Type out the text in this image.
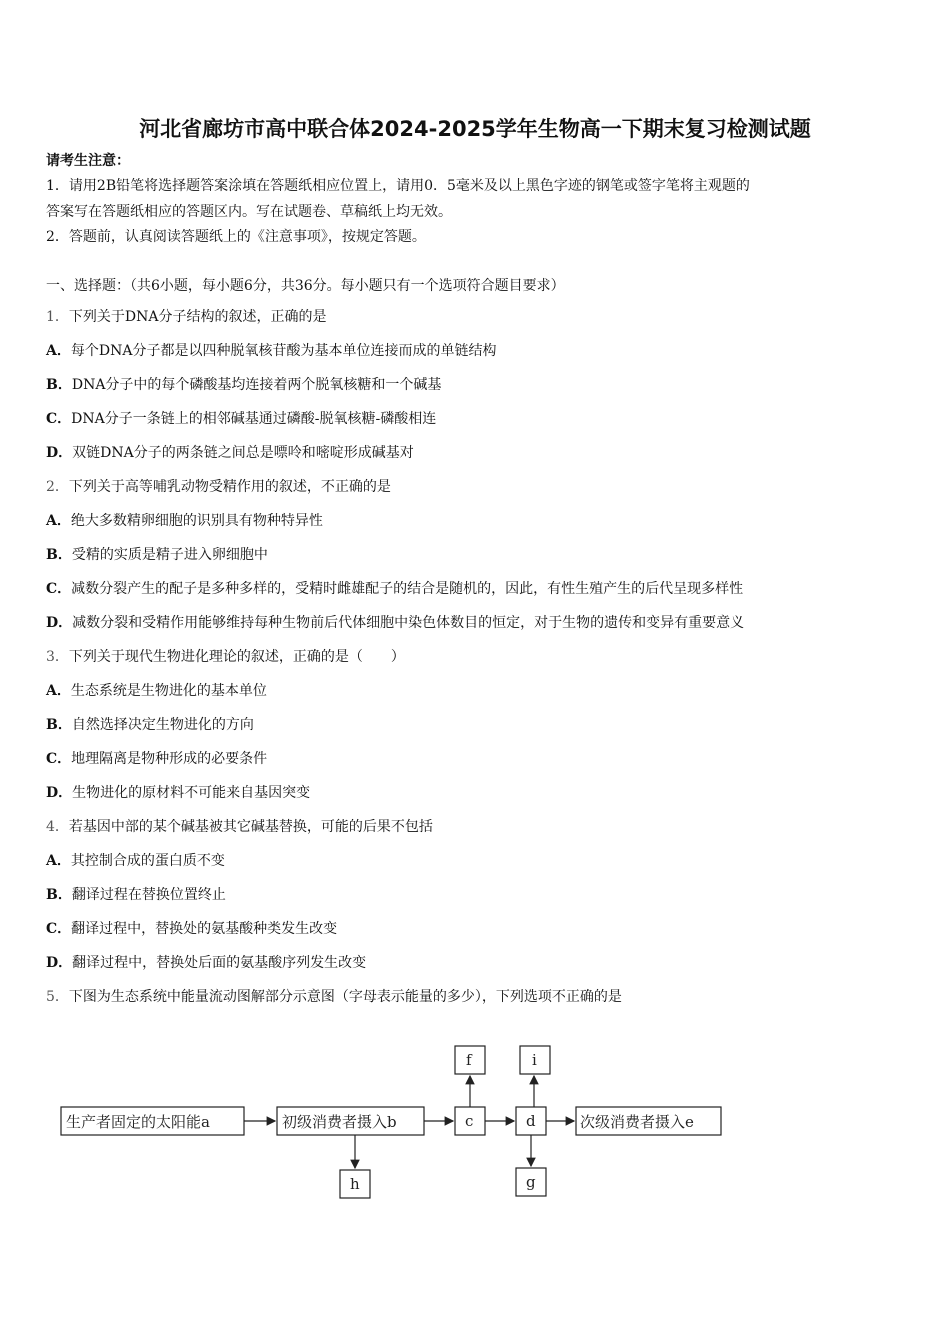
河北省廊坊市高中联合体2024-2025学年生物高一下期末复习检测试题
请考生注意：
1．请用2B铅笔将选择题答案涂填在答题纸相应位置上，请用0．5毫米及以上黑色字迹的钢笔或签字笔将主观题的
答案写在答题纸相应的答题区内。写在试题卷、草稿纸上均无效。
2．答题前，认真阅读答题纸上的《注意事项》，按规定答题。
一、选择题：（共6小题，每小题6分，共36分。每小题只有一个选项符合题目要求）
1．下列关于DNA分子结构的叙述，正确的是
A．每个DNA分子都是以四种脱氧核苷酸为基本单位连接而成的单链结构
B．DNA分子中的每个磷酸基均连接着两个脱氧核糖和一个碱基
C．DNA分子一条链上的相邻碱基通过磷酸-脱氧核糖-磷酸相连
D．双链DNA分子的两条链之间总是嘌呤和嘧啶形成碱基对
2．下列关于高等哺乳动物受精作用的叙述，不正确的是
A．绝大多数精卵细胞的识别具有物种特异性
B．受精的实质是精子进入卵细胞中
C．减数分裂产生的配子是多种多样的，受精时雌雄配子的结合是随机的，因此，有性生殖产生的后代呈现多样性
D．减数分裂和受精作用能够维持每种生物前后代体细胞中染色体数目的恒定，对于生物的遗传和变异有重要意义
3．下列关于现代生物进化理论的叙述，正确的是（　　）
A．生态系统是生物进化的基本单位
B．自然选择决定生物进化的方向
C．地理隔离是物种形成的必要条件
D．生物进化的原材料不可能来自基因突变
4．若基因中部的某个碱基被其它碱基替换，可能的后果不包括
A．其控制合成的蛋白质不变
B．翻译过程在替换位置终止
C．翻译过程中，替换处的氨基酸种类发生改变
D．翻译过程中，替换处后面的氨基酸序列发生改变
5．下图为生态系统中能量流动图解部分示意图（字母表示能量的多少），下列选项不正确的是
生产者固定的太阳能a	初级消费者摄入b	次级消费者摄入e
c	d
f	i
h	g
